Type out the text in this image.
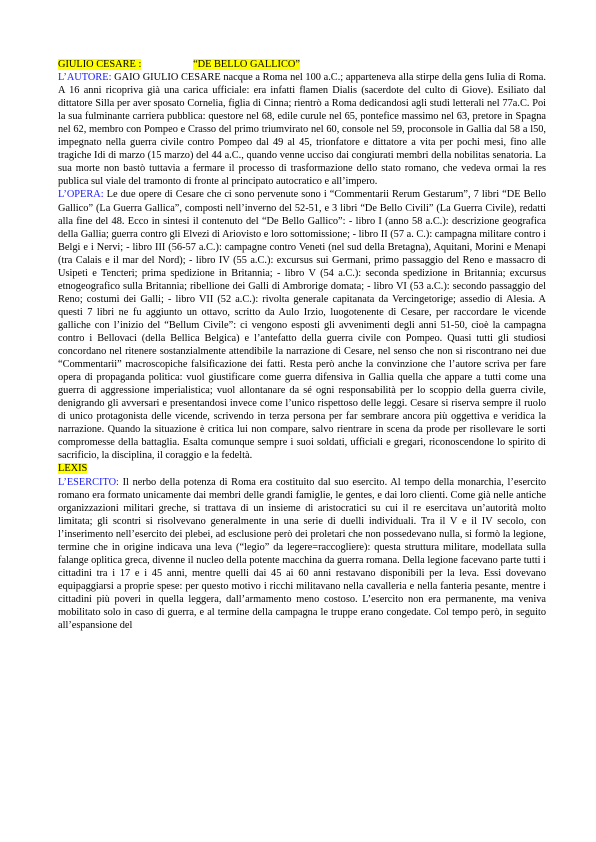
GIULIO CESARE :	“DE BELLO GALLICO”

L’AUTORE: GAIO GIULIO CESARE nacque a Roma nel 100 a.C.; apparteneva alla stirpe della gens Iulia di Roma. A 16 anni ricopriva già una carica ufficiale: era infatti flamen Dialis (sacerdote del culto di Giove). Esiliato dal dittatore Silla per aver sposato Cornelia, figlia di Cinna; rientrò a Roma dedicandosi agli studi letterali nel 77a.C. Poi la sua fulminante carriera pubblica: questore nel 68, edile curule nel 65, pontefice massimo nel 63, pretore in Spagna nel 62, membro con Pompeo e Crasso del primo triumvirato nel 60, console nel 59, proconsole in Gallia dal 58 a l50, impegnato nella guerra civile contro Pompeo dal 49 al 45, trionfatore e dittatore a vita per pochi mesi, fino alle tragiche Idi di marzo (15 marzo) del 44 a.C., quando venne ucciso dai congiurati membri della nobilitas senatoria. La sua morte non bastò tuttavia a fermare il processo di trasformazione dello stato romano, che vedeva ormai la res publica sul viale del tramonto di fronte al principato autocratico e all’impero.

L’OPERA: Le due opere di Cesare che ci sono pervenute sono i “Commentarii Rerum Gestarum”, 7 libri “DE Bello Gallico” (La Guerra Gallica”, composti nell’inverno del 52-51, e 3 libri “De Bello Civili” (La Guerra Civile), redatti alla fine del 48. Ecco in sintesi il contenuto del “De Bello Gallico”: - libro I (anno 58 a.C.): descrizione geografica della Gallia; guerra contro gli Elvezi di Ariovisto e loro sottomissione; - libro II (57 a. C.): campagna militare contro i Belgi e i Nervi; - libro III (56-57 a.C.): campagne contro Veneti (nel sud della Bretagna), Aquitani, Morini e Menapi (tra Calais e il mar del Nord); - libro IV (55 a.C.): excursus sui Germani, primo passaggio del Reno e massacro di Usipeti e Tencteri; prima spedizione in Britannia; - libro V (54 a.C.): seconda spedizione in Britannia; excursus etnogeografico sulla Britannia; ribellione dei Galli di Ambrorige domata; - libro VI (53 a.C.): secondo passaggio del Reno; costumi dei Galli; - libro VII (52 a.C.): rivolta generale capitanata da Vercingetorige; assedio di Alesia. A questi 7 libri ne fu aggiunto un ottavo, scritto da Aulo Irzio, luogotenente di Cesare, per raccordare le vicende galliche con l’inizio del “Bellum Civile”: ci vengono esposti gli avvenimenti degli anni 51-50, cioè la campagna contro i Bellovaci (della Bellica Belgica) e l’antefatto della guerra civile con Pompeo. Quasi tutti gli studiosi concordano nel ritenere sostanzialmente attendibile la narrazione di Cesare, nel senso che non si riscontrano nei due “Commentarii” macroscopiche falsificazione dei fatti. Resta però anche la convinzione che l’autore scriva per fare opera di propaganda politica: vuol giustificare come guerra difensiva in Gallia quella che appare a tutti come una guerra di aggressione imperialistica; vuol allontanare da sé ogni responsabilità per lo scoppio della guerra civile, denigrando gli avversari e presentandosi invece come l’unico rispettoso delle leggi. Cesare si riserva sempre il ruolo di unico protagonista delle vicende, scrivendo in terza persona per far sembrare ancora più oggettiva e veridica la narrazione. Quando la situazione è critica lui non compare, salvo rientrare in scena da prode per risollevare le sorti compromesse della battaglia. Esalta comunque sempre i suoi soldati, ufficiali e gregari, riconoscendone lo spirito di sacrificio, la disciplina, il coraggio e la fedeltà.

LEXIS

L’ESERCITO: Il nerbo della potenza di Roma era costituito dal suo esercito. Al tempo della monarchia, l’esercito romano era formato unicamente dai membri delle grandi famiglie, le gentes, e dai loro clienti. Come già nelle antiche organizzazioni militari greche, si trattava di un insieme di aristocratici su cui il re esercitava un’autorità molto limitata; gli scontri si risolvevano generalmente in una serie di duelli individuali. Tra il V e il IV secolo, con l’inserimento nell’esercito dei plebei, ad esclusione però dei proletari che non possedevano nulla, si formò la legione, termine che in origine indicava una leva (“legio” da legere=raccogliere): questa struttura militare, modellata sulla falange oplitica greca, divenne il nucleo della potente macchina da guerra romana. Della legione facevano parte tutti i cittadini tra i 17 e i 45 anni, mentre quelli dai 45 ai 60 anni restavano disponibili per la leva. Essi dovevano equipaggiarsi a proprie spese: per questo motivo i ricchi militavano nella cavalleria e nella fanteria pesante, mentre i cittadini più poveri in quella leggera, dall’armamento meno costoso. L’esercito non era permanente, ma veniva mobilitato solo in caso di guerra, e al termine della campagna le truppe erano congedate. Col tempo però, in seguito all’espansione del
